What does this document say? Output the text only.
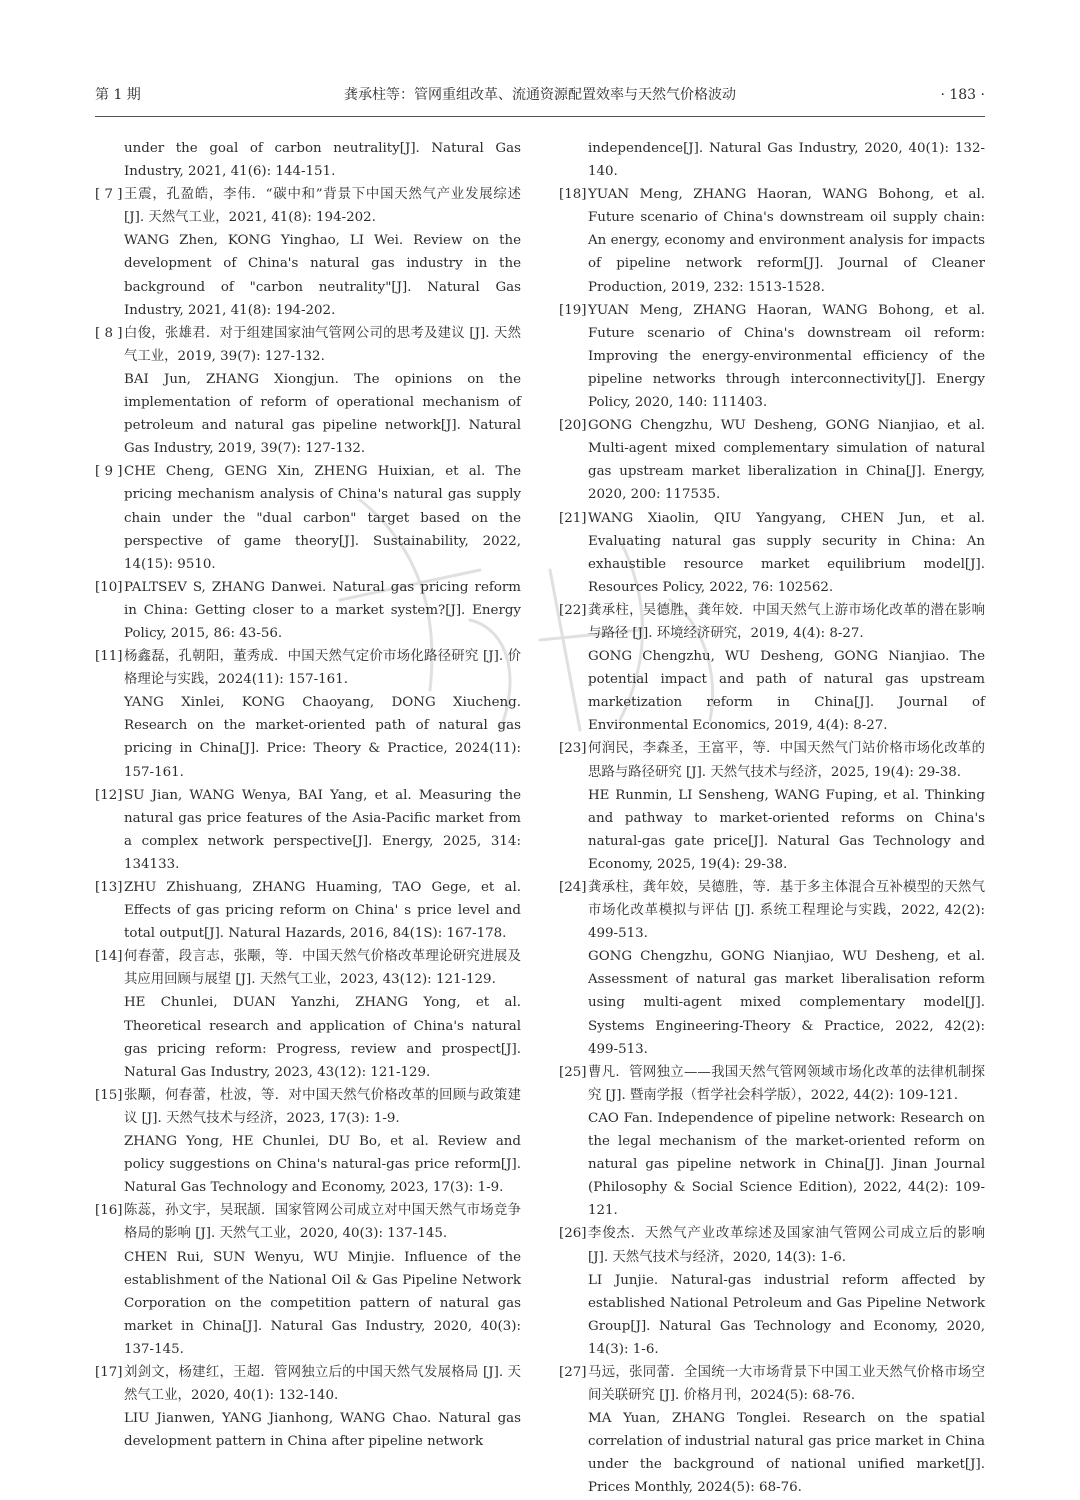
第 1 期	龚承柱等：管网重组改革、流通资源配置效率与天然气价格波动	· 183 ·
under the goal of carbon neutrality[J]. Natural Gas Industry, 2021, 41(6): 144-151.
[ 7 ] 王震，孔盈皓，李伟．“碳中和”背景下中国天然气产业发展综述 [J]. 天然气工业，2021, 41(8): 194-202.
WANG Zhen, KONG Yinghao, LI Wei. Review on the development of China's natural gas industry in the background of "carbon neutrality"[J]. Natural Gas Industry, 2021, 41(8): 194-202.
[ 8 ] 白俊，张雄君．对于组建国家油气管网公司的思考及建议 [J]. 天然气工业，2019, 39(7): 127-132.
BAI Jun, ZHANG Xiongjun. The opinions on the implementation of reform of operational mechanism of petroleum and natural gas pipeline network[J]. Natural Gas Industry, 2019, 39(7): 127-132.
[ 9 ] CHE Cheng, GENG Xin, ZHENG Huixian, et al. The pricing mechanism analysis of China's natural gas supply chain under the "dual carbon" target based on the perspective of game theory[J]. Sustainability, 2022, 14(15): 9510.
[10] PALTSEV S, ZHANG Danwei. Natural gas pricing reform in China: Getting closer to a market system?[J]. Energy Policy, 2015, 86: 43-56.
[11] 杨鑫磊，孔朝阳，董秀成．中国天然气定价市场化路径研究 [J]. 价格理论与实践，2024(11): 157-161.
YANG Xinlei, KONG Chaoyang, DONG Xiucheng. Research on the market-oriented path of natural gas pricing in China[J]. Price: Theory & Practice, 2024(11): 157-161.
[12] SU Jian, WANG Wenya, BAI Yang, et al. Measuring the natural gas price features of the Asia-Pacific market from a complex network perspective[J]. Energy, 2025, 314: 134133.
[13] ZHU Zhishuang, ZHANG Huaming, TAO Gege, et al. Effects of gas pricing reform on China' s price level and total output[J]. Natural Hazards, 2016, 84(1S): 167-178.
[14] 何春蕾，段言志，张颙，等．中国天然气价格改革理论研究进展及其应用回顾与展望 [J]. 天然气工业，2023, 43(12): 121-129.
HE Chunlei, DUAN Yanzhi, ZHANG Yong, et al. Theoretical research and application of China's natural gas pricing reform: Progress, review and prospect[J]. Natural Gas Industry, 2023, 43(12): 121-129.
[15] 张颙，何春蕾，杜波，等．对中国天然气价格改革的回顾与政策建议 [J]. 天然气技术与经济，2023, 17(3): 1-9.
ZHANG Yong, HE Chunlei, DU Bo, et al. Review and policy suggestions on China's natural-gas price reform[J]. Natural Gas Technology and Economy, 2023, 17(3): 1-9.
[16] 陈蕊，孙文宇，吴珉颉．国家管网公司成立对中国天然气市场竞争格局的影响 [J]. 天然气工业，2020, 40(3): 137-145.
CHEN Rui, SUN Wenyu, WU Minjie. Influence of the establishment of the National Oil & Gas Pipeline Network Corporation on the competition pattern of natural gas market in China[J]. Natural Gas Industry, 2020, 40(3): 137-145.
[17] 刘剑文，杨建红，王超．管网独立后的中国天然气发展格局 [J]. 天然气工业，2020, 40(1): 132-140.
LIU Jianwen, YANG Jianhong, WANG Chao. Natural gas development pattern in China after pipeline network
independence[J]. Natural Gas Industry, 2020, 40(1): 132-140.
[18] YUAN Meng, ZHANG Haoran, WANG Bohong, et al. Future scenario of China's downstream oil supply chain: An energy, economy and environment analysis for impacts of pipeline network reform[J]. Journal of Cleaner Production, 2019, 232: 1513-1528.
[19] YUAN Meng, ZHANG Haoran, WANG Bohong, et al. Future scenario of China's downstream oil reform: Improving the energy-environmental efficiency of the pipeline networks through interconnectivity[J]. Energy Policy, 2020, 140: 111403.
[20] GONG Chengzhu, WU Desheng, GONG Nianjiao, et al. Multi-agent mixed complementary simulation of natural gas upstream market liberalization in China[J]. Energy, 2020, 200: 117535.
[21] WANG Xiaolin, QIU Yangyang, CHEN Jun, et al. Evaluating natural gas supply security in China: An exhaustible resource market equilibrium model[J]. Resources Policy, 2022, 76: 102562.
[22] 龚承柱，吴德胜，龚年姣．中国天然气上游市场化改革的潜在影响与路径 [J]. 环境经济研究，2019, 4(4): 8-27.
GONG Chengzhu, WU Desheng, GONG Nianjiao. The potential impact and path of natural gas upstream marketization reform in China[J]. Journal of Environmental Economics, 2019, 4(4): 8-27.
[23] 何润民，李森圣，王富平，等．中国天然气门站价格市场化改革的思路与路径研究 [J]. 天然气技术与经济，2025, 19(4): 29-38.
HE Runmin, LI Sensheng, WANG Fuping, et al. Thinking and pathway to market-oriented reforms on China's natural-gas gate price[J]. Natural Gas Technology and Economy, 2025, 19(4): 29-38.
[24] 龚承柱，龚年姣，吴德胜，等．基于多主体混合互补模型的天然气市场化改革模拟与评估 [J]. 系统工程理论与实践，2022, 42(2): 499-513.
GONG Chengzhu, GONG Nianjiao, WU Desheng, et al. Assessment of natural gas market liberalisation reform using multi-agent mixed complementary model[J]. Systems Engineering-Theory & Practice, 2022, 42(2): 499-513.
[25] 曹凡．管网独立——我国天然气管网领域市场化改革的法律机制探究 [J]. 暨南学报（哲学社会科学版），2022, 44(2): 109-121.
CAO Fan. Independence of pipeline network: Research on the legal mechanism of the market-oriented reform on natural gas pipeline network in China[J]. Jinan Journal (Philosophy & Social Science Edition), 2022, 44(2): 109-121.
[26] 李俊杰．天然气产业改革综述及国家油气管网公司成立后的影响 [J]. 天然气技术与经济，2020, 14(3): 1-6.
LI Junjie. Natural-gas industrial reform affected by established National Petroleum and Gas Pipeline Network Group[J]. Natural Gas Technology and Economy, 2020, 14(3): 1-6.
[27] 马远，张同蕾．全国统一大市场背景下中国工业天然气价格市场空间关联研究 [J]. 价格月刊，2024(5): 68-76.
MA Yuan, ZHANG Tonglei. Research on the spatial correlation of industrial natural gas price market in China under the background of national unified market[J]. Prices Monthly, 2024(5): 68-76.
